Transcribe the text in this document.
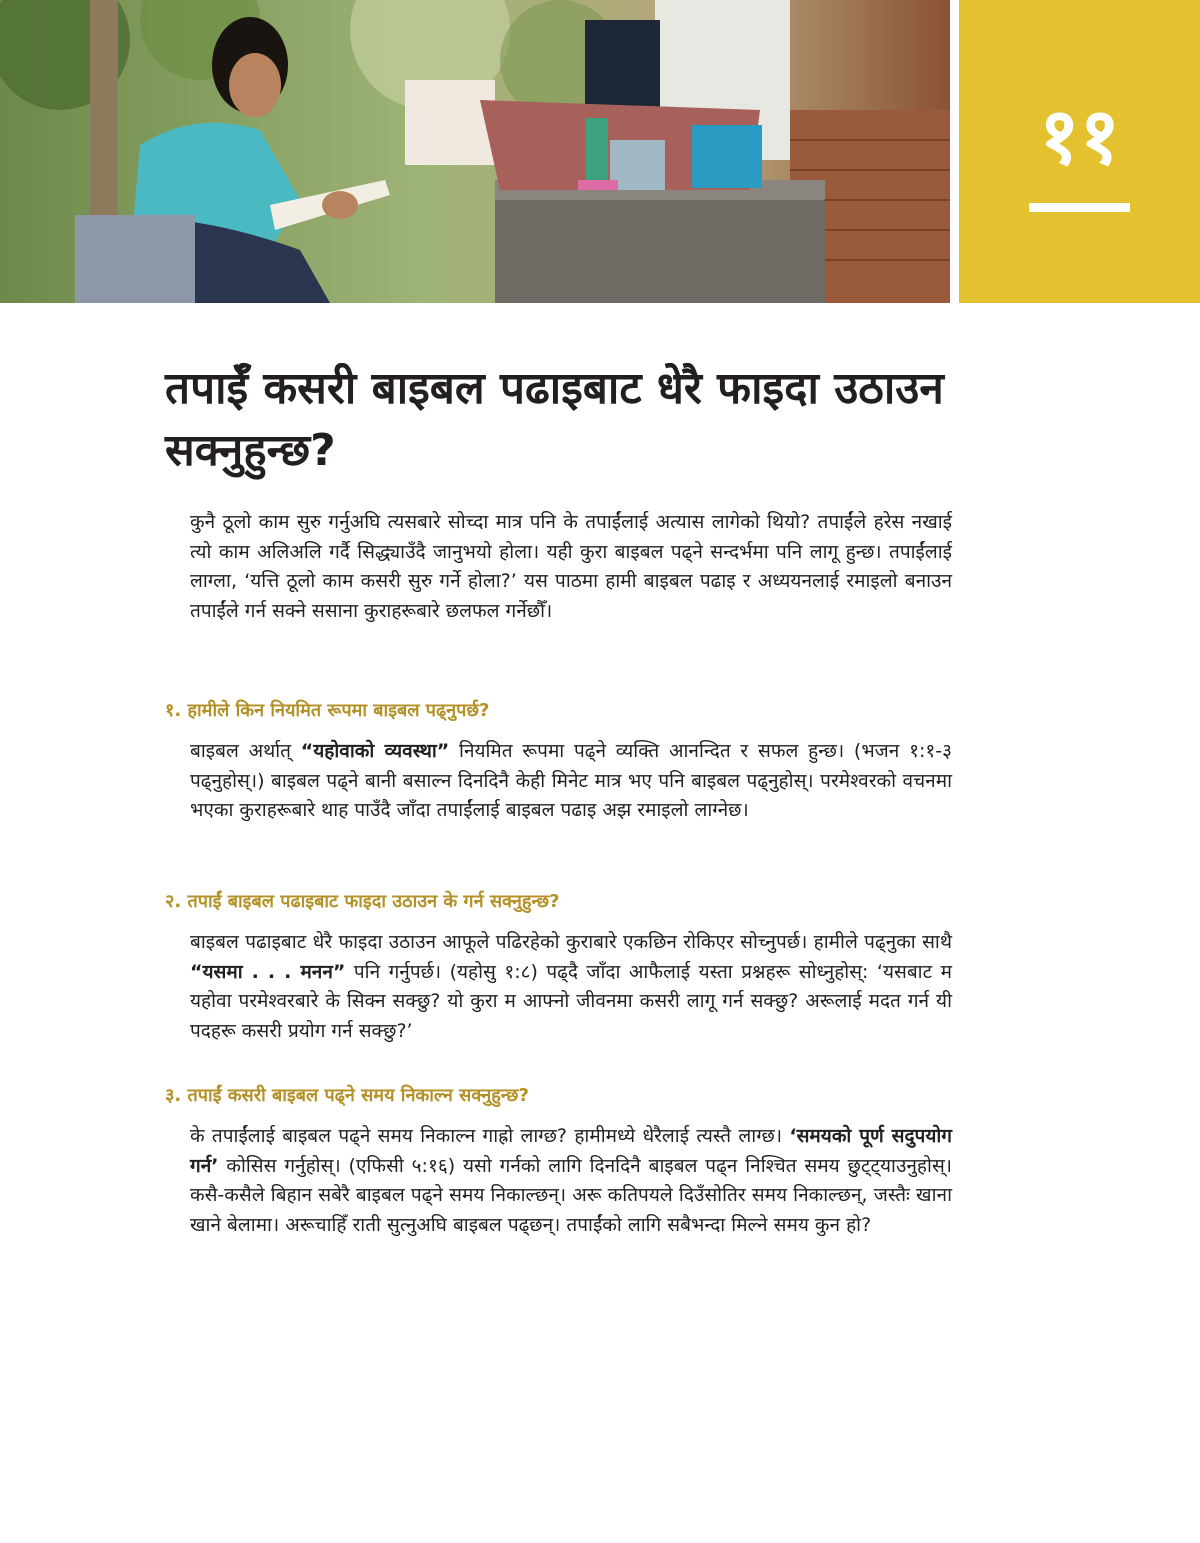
११
तपाईँ कसरी बाइबल पढाइबाट धेरै फाइदा उठाउन सक्नुहुन्छ?

कुनै ठूलो काम सुरु गर्नुअघि त्यसबारे सोच्दा मात्र पनि के तपाईंलाई अत्यास लागेको थियो? तपाईंले हरेस नखाई त्यो काम अलिअलि गर्दै सिद्ध्याउँदै जानुभयो होला। यही कुरा बाइबल पढ्ने सन्दर्भमा पनि लागू हुन्छ। तपाईंलाई लाग्ला, ‘यत्ति ठूलो काम कसरी सुरु गर्ने होला?’ यस पाठमा हामी बाइबल पढाइ र अध्ययनलाई रमाइलो बनाउन तपाईंले गर्न सक्ने ससाना कुराहरूबारे छलफल गर्नेछौँ।

१. हामीले किन नियमित रूपमा बाइबल पढ्नुपर्छ?

बाइबल अर्थात् “यहोवाको व्यवस्था” नियमित रूपमा पढ्ने व्यक्ति आनन्दित र सफल हुन्छ। (भजन १:१-३ पढ्नुहोस्।) बाइबल पढ्ने बानी बसाल्न दिनदिनै केही मिनेट मात्र भए पनि बाइबल पढ्नुहोस्। परमेश्वरको वचनमा भएका कुराहरूबारे थाह पाउँदै जाँदा तपाईंलाई बाइबल पढाइ अझ रमाइलो लाग्नेछ।

२. तपाईं बाइबल पढाइबाट फाइदा उठाउन के गर्न सक्नुहुन्छ?

बाइबल पढाइबाट धेरै फाइदा उठाउन आफूले पढिरहेको कुराबारे एकछिन रोकिएर सोच्नुपर्छ। हामीले पढ्नुका साथै “यसमा . . . मनन” पनि गर्नुपर्छ। (यहोसु १:८) पढ्दै जाँदा आफैलाई यस्ता प्रश्नहरू सोध्नुहोस्: ‘यसबाट म यहोवा परमेश्वरबारे के सिक्न सक्छु? यो कुरा म आफ्नो जीवनमा कसरी लागू गर्न सक्छु? अरूलाई मदत गर्न यी पदहरू कसरी प्रयोग गर्न सक्छु?’

३. तपाईं कसरी बाइबल पढ्ने समय निकाल्न सक्नुहुन्छ?

के तपाईंलाई बाइबल पढ्ने समय निकाल्न गाह्रो लाग्छ? हामीमध्ये धेरैलाई त्यस्तै लाग्छ। ‘समयको पूर्ण सदुपयोग गर्न’ कोसिस गर्नुहोस्। (एफिसी ५:१६) यसो गर्नको लागि दिनदिनै बाइबल पढ्न निश्चित समय छुट्ट्याउनुहोस्। कसै-कसैले बिहान सबेरै बाइबल पढ्ने समय निकाल्छन्। अरू कतिपयले दिउँसोतिर समय निकाल्छन्, जस्तैः खाना खाने बेलामा। अरूचाहिँ राती सुत्नुअघि बाइबल पढ्छन्। तपाईंको लागि सबैभन्दा मिल्ने समय कुन हो?
